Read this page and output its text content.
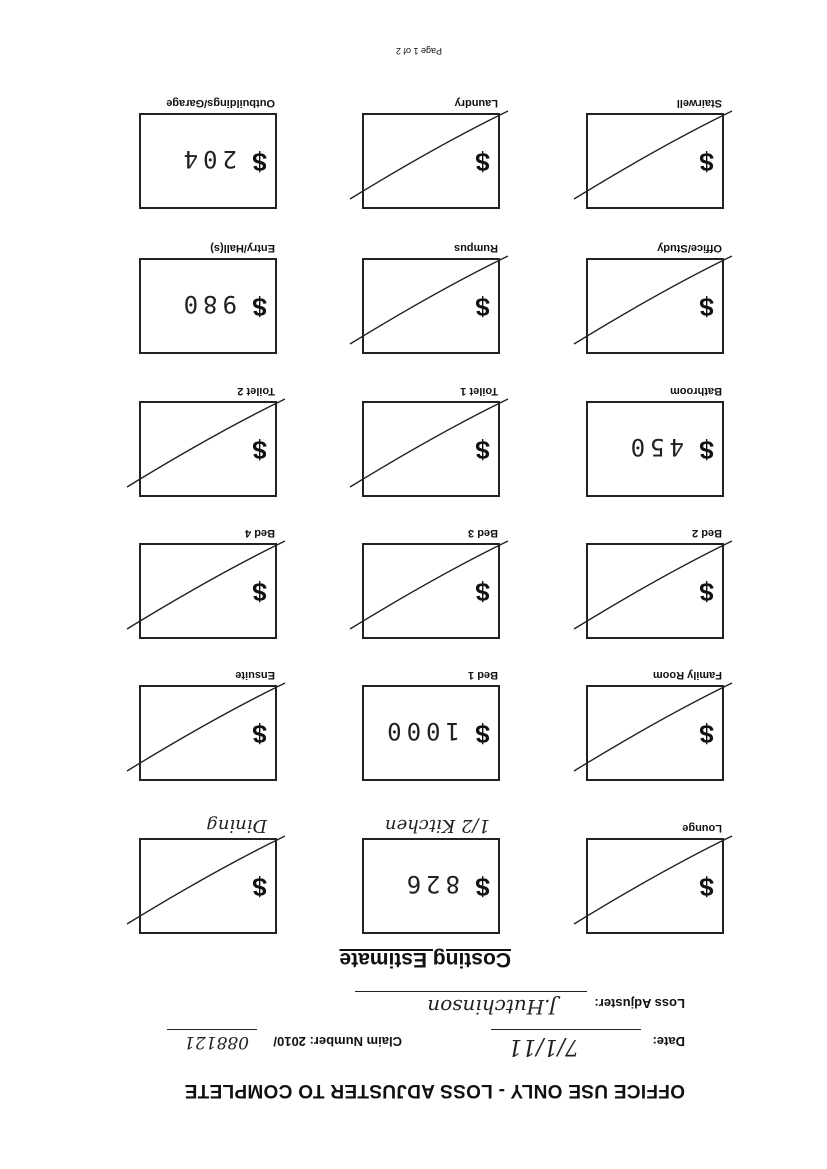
OFFICE USE ONLY - LOSS ADJUSTER TO COMPLETE
Date:
7/1/11
Claim Number: 2010/
088121
Loss Adjuster:
J.Hutchinson
Costing Estimate
Lounge
$
1/2 Kitchen
$
826
Dining
$
Family Room
$
Bed 1
$
1000
Ensuite
$
Bed 2
$
Bed 3
$
Bed 4
$
Bathroom
$
450
Toilet 1
$
Toilet 2
$
Office/Study
$
Rumpus
$
Entry/Hall(s)
$
980
Stairwell
$
Laundry
$
Outbuildings/Garage
$
204
Page 1 of 2
